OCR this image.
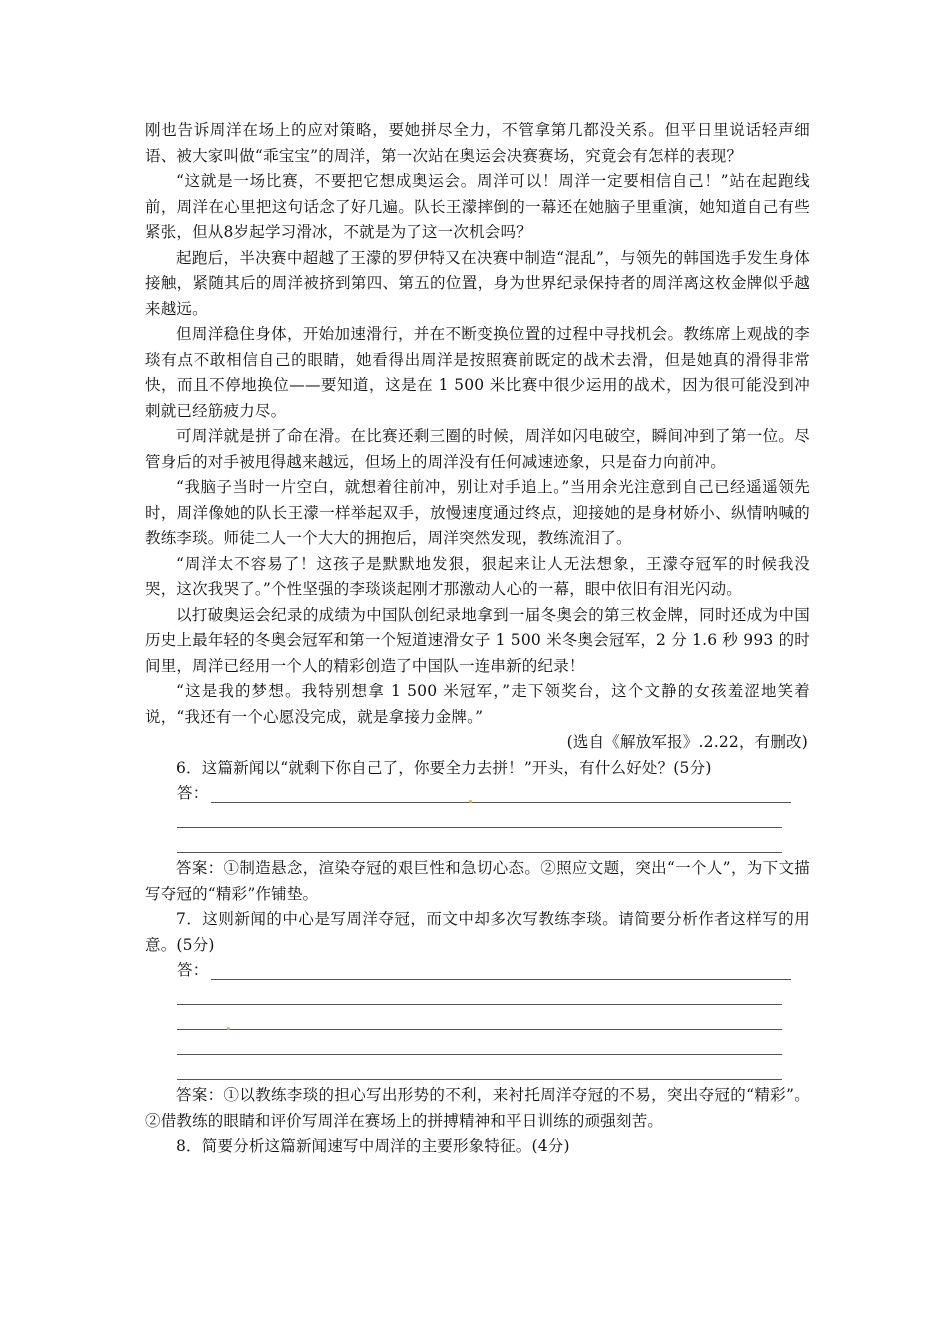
刚也告诉周洋在场上的应对策略，要她拼尽全力，不管拿第几都没关系。但平日里说话轻声细语、被大家叫做“乖宝宝”的周洋，第一次站在奥运会决赛赛场，究竟会有怎样的表现？

“这就是一场比赛，不要把它想成奥运会。周洋可以！周洋一定要相信自己！”站在起跑线前，周洋在心里把这句话念了好几遍。队长王濛摔倒的一幕还在她脑子里重演，她知道自己有些紧张，但从8岁起学习滑冰，不就是为了这一次机会吗？

起跑后，半决赛中超越了王濛的罗伊特又在决赛中制造“混乱”，与领先的韩国选手发生身体接触，紧随其后的周洋被挤到第四、第五的位置，身为世界纪录保持者的周洋离这枚金牌似乎越来越远。

但周洋稳住身体，开始加速滑行，并在不断变换位置的过程中寻找机会。教练席上观战的李琰有点不敢相信自己的眼睛，她看得出周洋是按照赛前既定的战术去滑，但是她真的滑得非常快，而且不停地换位——要知道，这是在 1 500 米比赛中很少运用的战术，因为很可能没到冲刺就已经筋疲力尽。

可周洋就是拼了命在滑。在比赛还剩三圈的时候，周洋如闪电破空，瞬间冲到了第一位。尽管身后的对手被甩得越来越远，但场上的周洋没有任何减速迹象，只是奋力向前冲。

“我脑子当时一片空白，就想着往前冲，别让对手追上。”当用余光注意到自己已经遥遥领先时，周洋像她的队长王濛一样举起双手，放慢速度通过终点，迎接她的是身材娇小、纵情呐喊的教练李琰。师徒二人一个大大的拥抱后，周洋突然发现，教练流泪了。

“周洋太不容易了！这孩子是默默地发狠，狠起来让人无法想象，王濛夺冠军的时候我没哭，这次我哭了。”个性坚强的李琰谈起刚才那激动人心的一幕，眼中依旧有泪光闪动。

以打破奥运会纪录的成绩为中国队创纪录地拿到一届冬奥会的第三枚金牌，同时还成为中国历史上最年轻的冬奥会冠军和第一个短道速滑女子 1 500 米冬奥会冠军，2 分 1.6 秒 993 的时间里，周洋已经用一个人的精彩创造了中国队一连串新的纪录！

“这是我的梦想。我特别想拿 1 500 米冠军，”走下领奖台，这个文静的女孩羞涩地笑着说，“我还有一个心愿没完成，就是拿接力金牌。”

(选自《解放军报》.2.22，有删改)

6．这篇新闻以“就剩下你自己了，你要全力去拼！”开头，有什么好处？(5分)

答：

答案：①制造悬念，渲染夺冠的艰巨性和急切心态。②照应文题，突出“一个人”，为下文描写夺冠的“精彩”作铺垫。

7．这则新闻的中心是写周洋夺冠，而文中却多次写教练李琰。请简要分析作者这样写的用意。(5分)

答：

答案：①以教练李琰的担心写出形势的不利，来衬托周洋夺冠的不易，突出夺冠的“精彩”。②借教练的眼睛和评价写周洋在赛场上的拼搏精神和平日训练的顽强刻苦。

8．简要分析这篇新闻速写中周洋的主要形象特征。(4分)
